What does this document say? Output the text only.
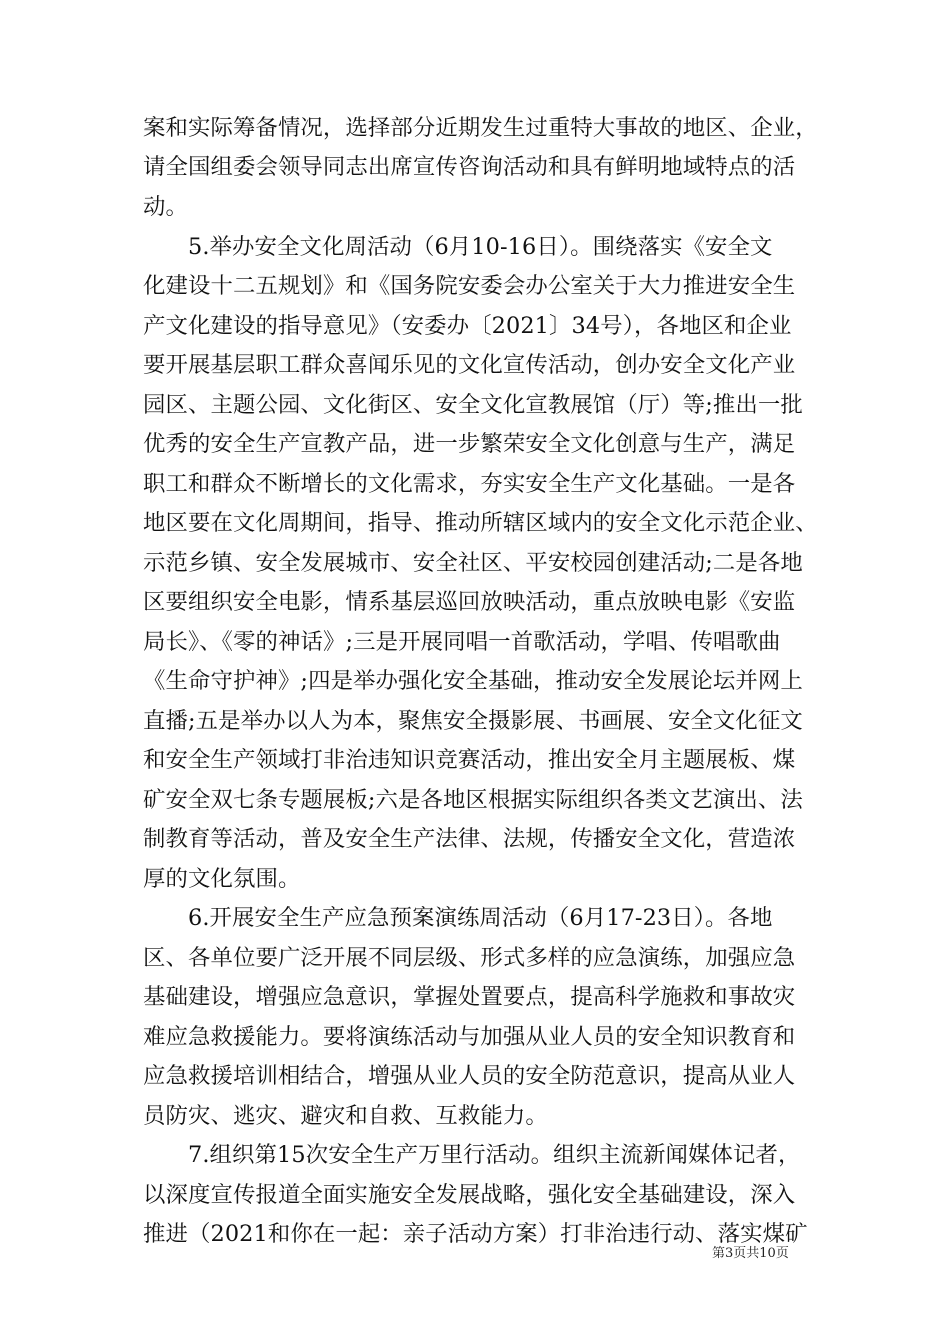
案和实际筹备情况，选择部分近期发生过重特大事故的地区、企业，
请全国组委会领导同志出席宣传咨询活动和具有鲜明地域特点的活
动。
　　5.举办安全文化周活动（6月10-16日）。围绕落实《安全文
化建设十二五规划》和《国务院安委会办公室关于大力推进安全生
产文化建设的指导意见》（安委办〔2021〕34号），各地区和企业
要开展基层职工群众喜闻乐见的文化宣传活动，创办安全文化产业
园区、主题公园、文化街区、安全文化宣教展馆（厅）等;推出一批
优秀的安全生产宣教产品，进一步繁荣安全文化创意与生产，满足
职工和群众不断增长的文化需求，夯实安全生产文化基础。一是各
地区要在文化周期间，指导、推动所辖区域内的安全文化示范企业、
示范乡镇、安全发展城市、安全社区、平安校园创建活动;二是各地
区要组织安全电影，情系基层巡回放映活动，重点放映电影《安监
局长》、《零的神话》;三是开展同唱一首歌活动，学唱、传唱歌曲
《生命守护神》;四是举办强化安全基础，推动安全发展论坛并网上
直播;五是举办以人为本，聚焦安全摄影展、书画展、安全文化征文
和安全生产领域打非治违知识竞赛活动，推出安全月主题展板、煤
矿安全双七条专题展板;六是各地区根据实际组织各类文艺演出、法
制教育等活动，普及安全生产法律、法规，传播安全文化，营造浓
厚的文化氛围。
　　6.开展安全生产应急预案演练周活动（6月17-23日）。各地
区、各单位要广泛开展不同层级、形式多样的应急演练，加强应急
基础建设，增强应急意识，掌握处置要点，提高科学施救和事故灾
难应急救援能力。要将演练活动与加强从业人员的安全知识教育和
应急救援培训相结合，增强从业人员的安全防范意识，提高从业人
员防灾、逃灾、避灾和自救、互救能力。
　　7.组织第15次安全生产万里行活动。组织主流新闻媒体记者，
以深度宣传报道全面实施安全发展战略，强化安全基础建设，深入
推进（2021和你在一起：亲子活动方案）打非治违行动、落实煤矿
第3页共10页
